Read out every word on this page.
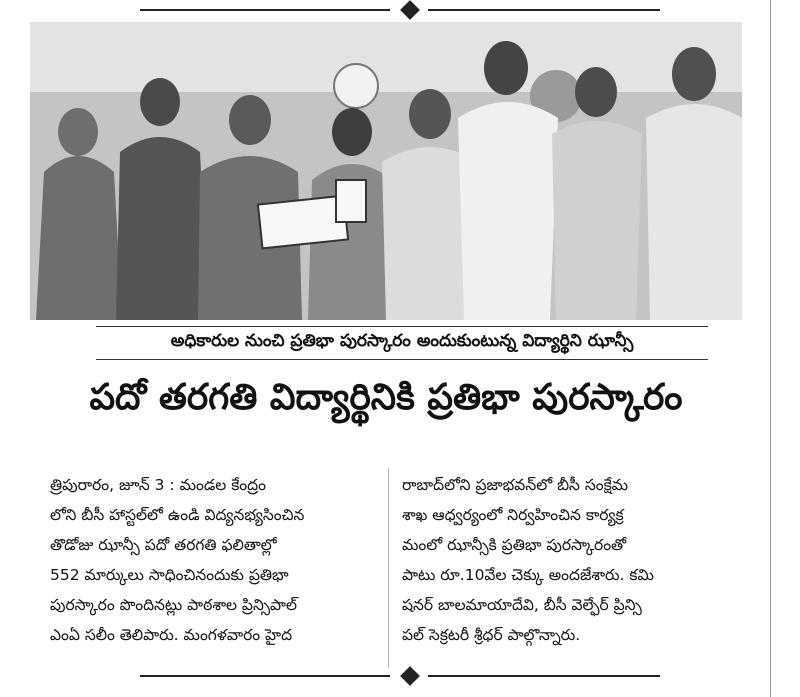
అధికారుల నుంచి ప్రతిభా పురస్కారం అందుకుంటున్న విద్యార్థిని ఝాన్సీ
పదో తరగతి విద్యార్థినికి ప్రతిభా పురస్కారం
త్రిపురారం, జూన్ 3 : మండల కేంద్రం
లోని బీసీ హాస్టల్‌లో ఉండి విద్యనభ్యసించిన
తొడోజు ఝాన్సీ పదో తరగతి ఫలితాల్లో
552 మార్కులు సాధించినందుకు ప్రతిభా
పురస్కారం పొందినట్లు పాఠశాల ప్రిన్సిపాల్
ఎంఏ సలీం తెలిపారు. మంగళవారం హైద
రాబాద్‌లోని ప్రజాభవన్‌లో బీసీ సంక్షేమ
శాఖ ఆధ్వర్యంలో నిర్వహించిన కార్యక్ర
మంలో ఝాన్సీకి ప్రతిభా పురస్కారంతో
పాటు రూ.10వేల చెక్కు అందజేశారు. కమి
షనర్ బాలమాయాదేవి, బీసీ వెల్ఫేర్ ప్రిన్సి
పల్ సెక్రటరీ శ్రీధర్ పాల్గొన్నారు.
